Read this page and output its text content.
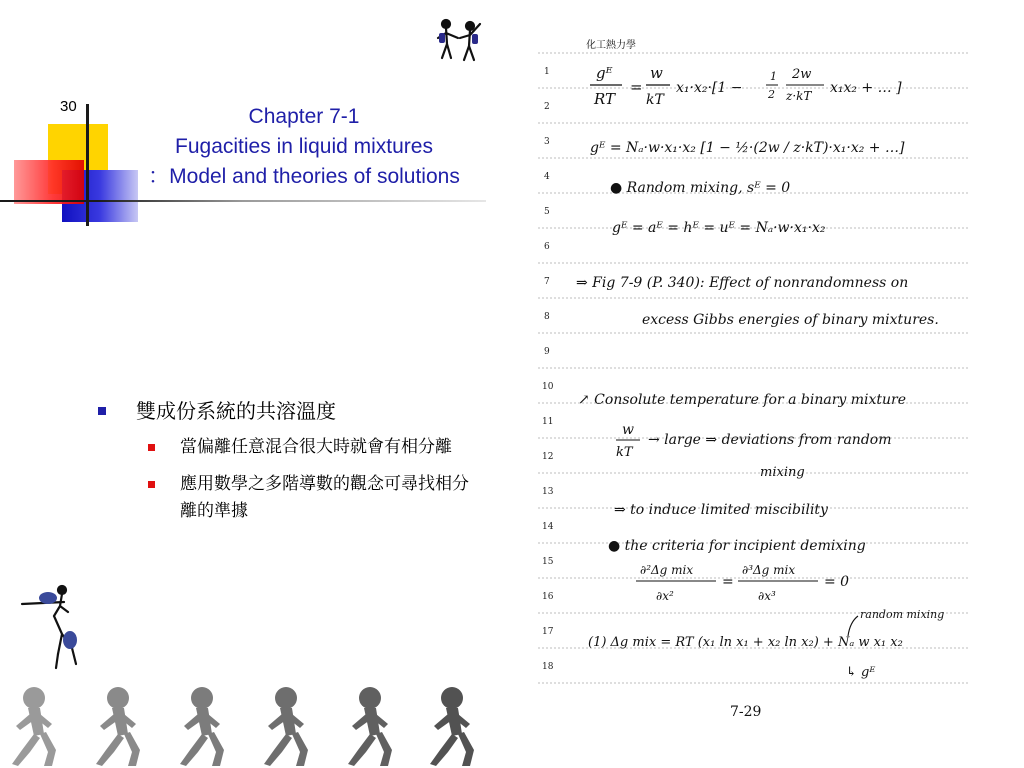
30	Chapter 7-1
Fugacities in liquid mixtures
：Model and theories of solutions
雙成份系統的共溶溫度
當偏離任意混合很大時就會有相分離
應用數學之多階導數的觀念可尋找相分離的準據
1
2
3
4
5
6
7
8
9
10
11
12
13
14
15
16
17
18
化工熱力學
gᴱ
RT
=
w
kT
x₁·x₂·[1 −
1
2
2w
z·kT x₁x₂ + … ]
gᴱ = Nₐ·w·x₁·x₂ [1 − ½·(2w / z·kT)·x₁·x₂ + …]
● Random mixing, sᴱ = 0
gᴱ = aᴱ = hᴱ = uᴱ = Nₐ·w·x₁·x₂
⇒ Fig 7-9 (P. 340): Effect of nonrandomness on
excess Gibbs energies of binary mixtures.
↗ Consolute temperature for a binary mixture
w
kT
→ large ⇒ deviations from random
mixing
⇒ to induce limited miscibility
● the criteria for incipient demixing
∂²Δg mix
∂x²
=
∂³Δg mix
∂x³
= 0
random mixing
(1) Δg mix = RT (x₁ ln x₁ + x₂ ln x₂) + Nₐ w x₁ x₂
↳ gᴱ
7-29
